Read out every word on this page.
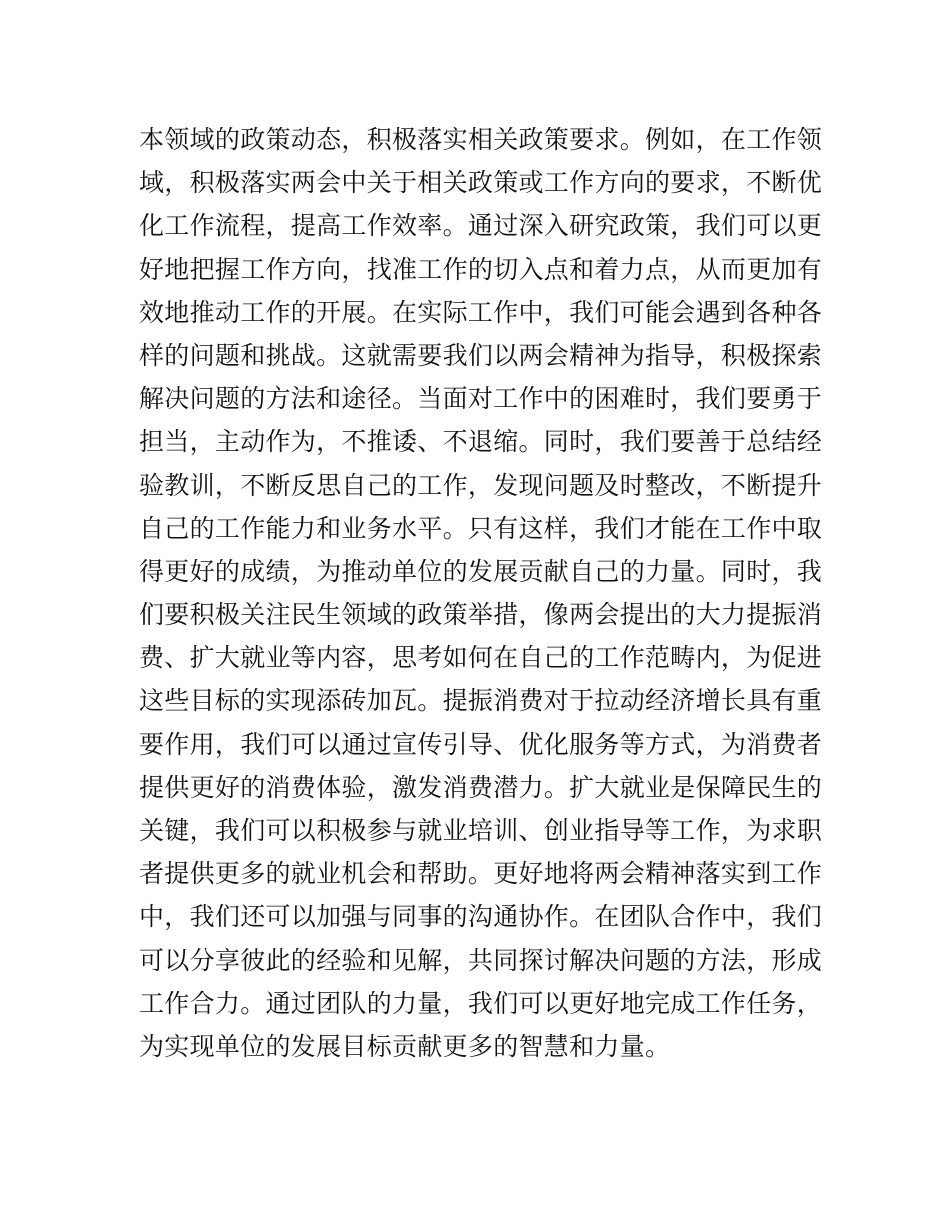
本领域的政策动态，积极落实相关政策要求。例如，在工作领
域，积极落实两会中关于相关政策或工作方向的要求，不断优
化工作流程，提高工作效率。通过深入研究政策，我们可以更
好地把握工作方向，找准工作的切入点和着力点，从而更加有
效地推动工作的开展。在实际工作中，我们可能会遇到各种各
样的问题和挑战。这就需要我们以两会精神为指导，积极探索
解决问题的方法和途径。当面对工作中的困难时，我们要勇于
担当，主动作为，不推诿、不退缩。同时，我们要善于总结经
验教训，不断反思自己的工作，发现问题及时整改，不断提升
自己的工作能力和业务水平。只有这样，我们才能在工作中取
得更好的成绩，为推动单位的发展贡献自己的力量。同时，我
们要积极关注民生领域的政策举措，像两会提出的大力提振消
费、扩大就业等内容，思考如何在自己的工作范畴内，为促进
这些目标的实现添砖加瓦。提振消费对于拉动经济增长具有重
要作用，我们可以通过宣传引导、优化服务等方式，为消费者
提供更好的消费体验，激发消费潜力。扩大就业是保障民生的
关键，我们可以积极参与就业培训、创业指导等工作，为求职
者提供更多的就业机会和帮助。更好地将两会精神落实到工作
中，我们还可以加强与同事的沟通协作。在团队合作中，我们
可以分享彼此的经验和见解，共同探讨解决问题的方法，形成
工作合力。通过团队的力量，我们可以更好地完成工作任务，
为实现单位的发展目标贡献更多的智慧和力量。
